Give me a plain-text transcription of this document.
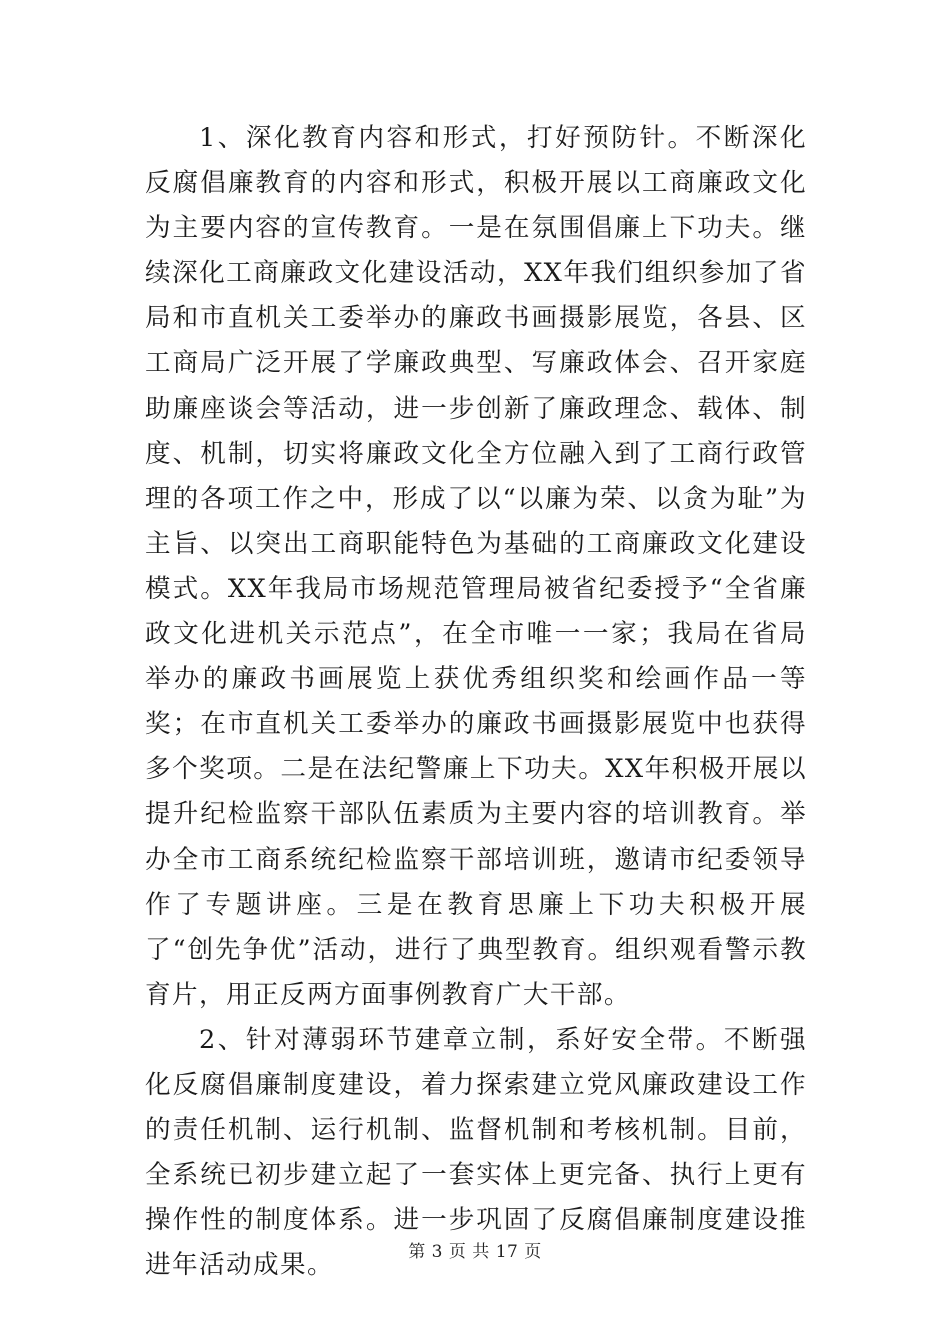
1、深化教育内容和形式，打好预防针。不断深化反腐倡廉教育的内容和形式，积极开展以工商廉政文化为主要内容的宣传教育。一是在氛围倡廉上下功夫。继续深化工商廉政文化建设活动，XX年我们组织参加了省局和市直机关工委举办的廉政书画摄影展览，各县、区工商局广泛开展了学廉政典型、写廉政体会、召开家庭助廉座谈会等活动，进一步创新了廉政理念、载体、制度、机制，切实将廉政文化全方位融入到了工商行政管理的各项工作之中，形成了以“以廉为荣、以贪为耻”为主旨、以突出工商职能特色为基础的工商廉政文化建设模式。XX年我局市场规范管理局被省纪委授予“全省廉政文化进机关示范点”，在全市唯一一家；我局在省局举办的廉政书画展览上获优秀组织奖和绘画作品一等奖；在市直机关工委举办的廉政书画摄影展览中也获得多个奖项。二是在法纪警廉上下功夫。XX年积极开展以提升纪检监察干部队伍素质为主要内容的培训教育。举办全市工商系统纪检监察干部培训班，邀请市纪委领导作了专题讲座。三是在教育思廉上下功夫积极开展了“创先争优”活动，进行了典型教育。组织观看警示教育片，用正反两方面事例教育广大干部。

2、针对薄弱环节建章立制，系好安全带。不断强化反腐倡廉制度建设，着力探索建立党风廉政建设工作的责任机制、运行机制、监督机制和考核机制。目前，全系统已初步建立起了一套实体上更完备、执行上更有操作性的制度体系。进一步巩固了反腐倡廉制度建设推进年活动成果。	第 3 页 共 17 页
